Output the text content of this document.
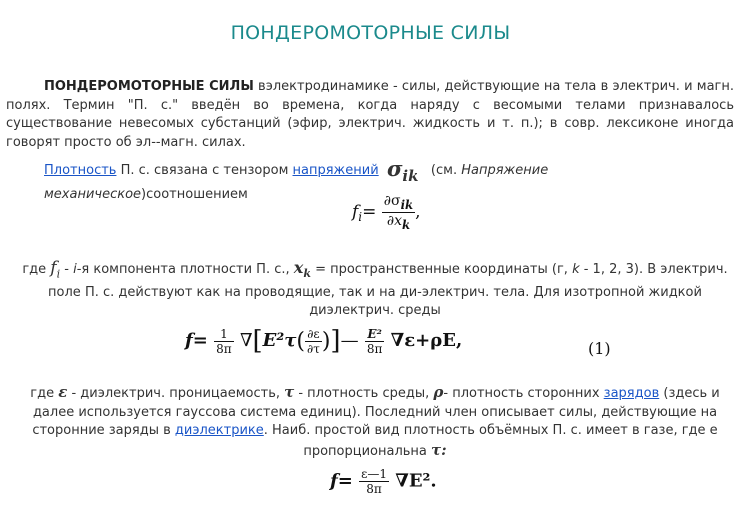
ПОНДЕРОМОТОРНЫЕ СИЛЫ
ПОНДЕРОМОТОРНЫЕ СИЛЫ вэлектродинамике - силы, действующие на тела в электрич. и магн. полях. Термин "П. с." введён во времена, когда наряду с весомыми телами признавалось существование невесомых субстанций (эфир, электрич. жидкость и т. п.); в совр. лексиконе иногда говорят просто об эл--магн. силах.
Плотность П. с. связана с тензором напряжений $\sigma_{ik}$   (см. Напряжение механическое)соотношением
$f_i= \frac{\partial\sigma_{ik}}{\partial x_k}$ ,
где $f_i - i-я$ компонента плотности П. с., $x_k$ = пространственные координаты (г, k - 1, 2, 3). В электрич. поле П. с. действуют как на проводящие, так и на ди-электрич. тела. Для изотропной жидкой диэлектрич. среды
$f= \frac{1}{8\pi} \nabla[E^2\tau( \frac{\partial\varepsilon}{\partial\tau}$ )]— $\frac{\text{E²}}{8\pi} \nabla\varepsilon+\rho E$,	(1)
где ε - диэлектрич. проницаемость, τ - плотность среды, ρ- плотность сторонних зарядов (здесь и далее используется гауссова система единиц). Последний член описывает силы, действующие на сторонние заряды в диэлектрике. Наиб. простой вид плотность объёмных П. с. имеет в газе, где е пропорциональна τ:
$f= \frac{\varepsilon—1}{8\pi} \nabla E^2$.
